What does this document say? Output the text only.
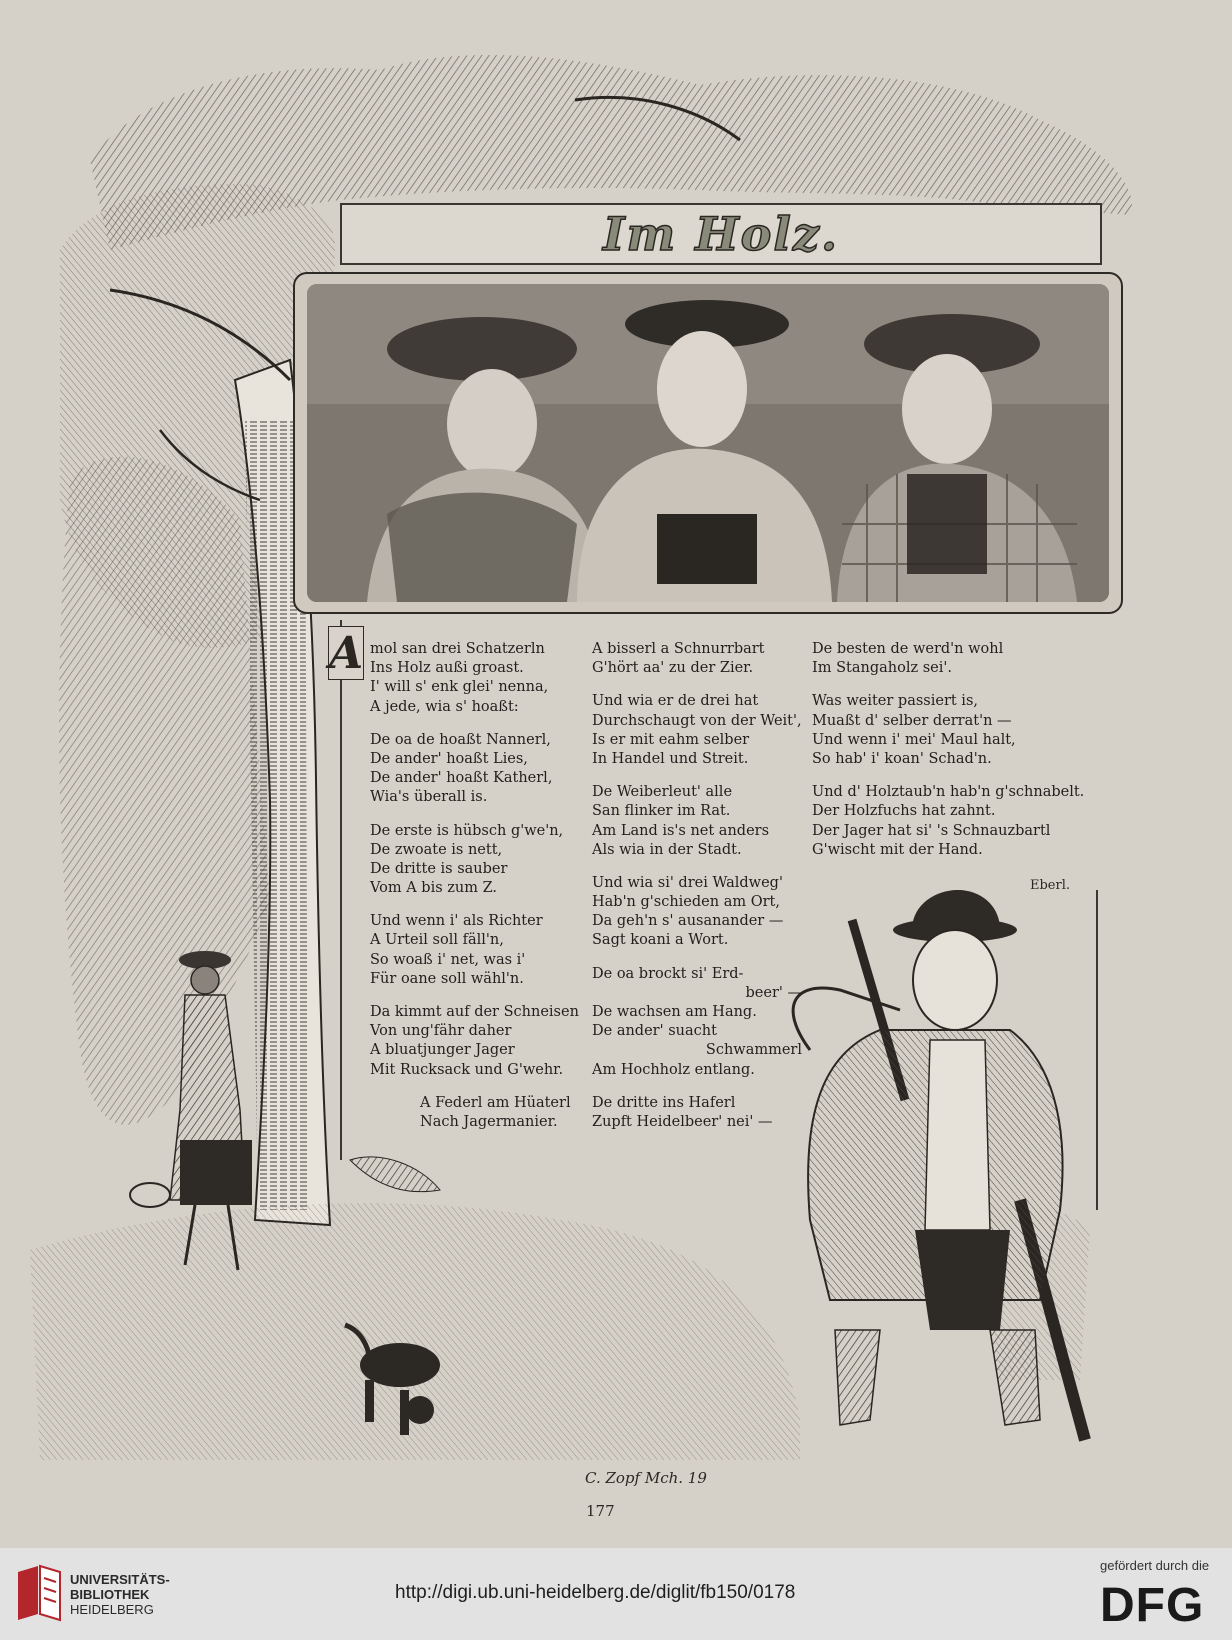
Im Holz.
A mol san drei Schatzerln
Ins Holz außi groast.
I' will s' enk glei' nenna,
A jede, wia s' hoaßt:
De oa de hoaßt Nannerl,
De ander' hoaßt Lies,
De ander' hoaßt Katherl,
Wia's überall is.
De erste is hübsch g'we'n,
De zwoate is nett,
De dritte is sauber
Vom A bis zum Z.
Und wenn i' als Richter
A Urteil soll fäll'n,
So woaß i' net, was i'
Für oane soll wähl'n.
Da kimmt auf der Schneisen
Von ung'fähr daher
A bluatjunger Jager
Mit Rucksack und G'wehr.
A Federl am Hüaterl
Nach Jagermanier.
A bisserl a Schnurrbart
G'hört aa' zu der Zier.
Und wia er de drei hat
Durchschaugt von der Weit',
Is er mit eahm selber
In Handel und Streit.
De Weiberleut' alle
San flinker im Rat.
Am Land is's net anders
Als wia in der Stadt.
Und wia si' drei Waldweg'
Hab'n g'schieden am Ort,
Da geh'n s' ausanander —
Sagt koani a Wort.
De oa brockt si' Erd-
beer' —
De wachsen am Hang.
De ander' suacht
Schwammerl
Am Hochholz entlang.
De dritte ins Haferl
Zupft Heidelbeer' nei' —
De besten de werd'n wohl
Im Stangaholz sei'.
Was weiter passiert is,
Muaßt d' selber derrat'n —
Und wenn i' mei' Maul halt,
So hab' i' koan' Schad'n.
Und d' Holztaub'n hab'n g'schnabelt.
Der Holzfuchs hat zahnt.
Der Jager hat si' 's Schnauzbartl
G'wischt mit der Hand.
Eberl.
C. Zopf Mch. 19
177
UNIVERSITÄTS-
BIBLIOTHEK
HEIDELBERG
http://digi.ub.uni-heidelberg.de/diglit/fb150/0178
gefördert durch die
DFG
